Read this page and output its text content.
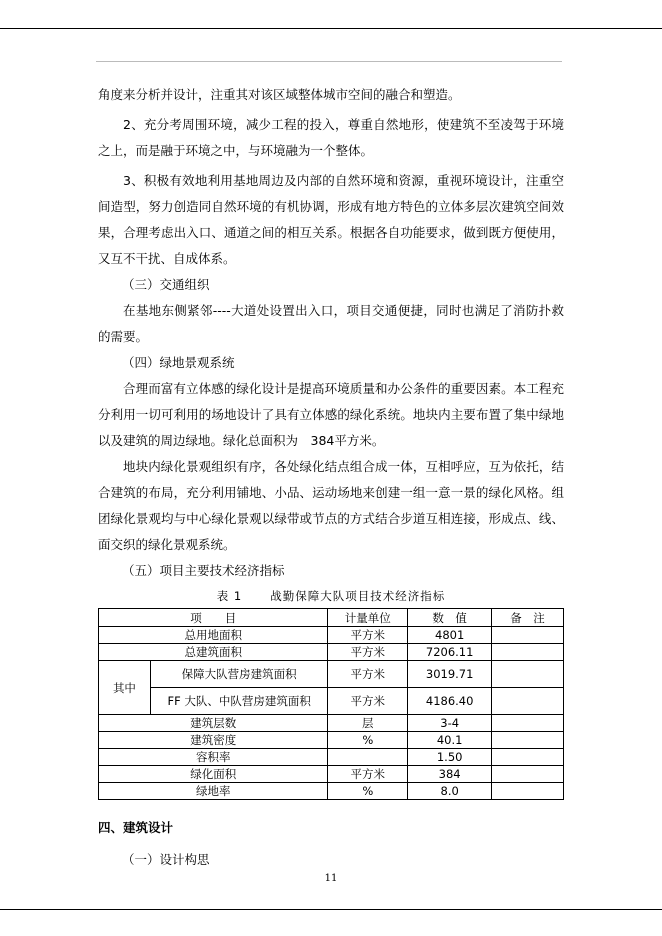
角度来分析并设计，注重其对该区域整体城市空间的融合和塑造。

2、充分考周围环境，减少工程的投入，尊重自然地形，使建筑不至凌驾于环境之上，而是融于环境之中，与环境融为一个整体。

3、积极有效地利用基地周边及内部的自然环境和资源，重视环境设计，注重空间造型，努力创造同自然环境的有机协调，形成有地方特色的立体多层次建筑空间效果，合理考虑出入口、通道之间的相互关系。根据各自功能要求，做到既方便使用，又互不干扰、自成体系。

（三）交通组织

在基地东侧紧邻----大道处设置出入口，项目交通便捷，同时也满足了消防扑救的需要。

（四）绿地景观系统

合理而富有立体感的绿化设计是提高环境质量和办公条件的重要因素。本工程充分利用一切可利用的场地设计了具有立体感的绿化系统。地块内主要布置了集中绿地以及建筑的周边绿地。绿化总面积为　384平方米。

地块内绿化景观组织有序，各处绿化结点组合成一体，互相呼应，互为依托，结合建筑的布局，充分利用铺地、小品、运动场地来创建一组一意一景的绿化风格。组团绿化景观均与中心绿化景观以绿带或节点的方式结合步道互相连接，形成点、线、面交织的绿化景观系统。

（五）项目主要技术经济指标

表 1 战勤保障大队项目技术经济指标
项　　目		计量单位	数　值	备　注
总用地面积		平方米	4801	
总建筑面积		平方米	7206.11	
其中	保障大队营房建筑面积	平方米	3019.71	
	FF 大队、中队营房建筑面积	平方米	4186.40	
建筑层数		层	3-4	
建筑密度		%	40.1	
容积率			1.50	
绿化面积		平方米	384	
绿地率		%	8.0	
四、建筑设计
（一）设计构思
11
